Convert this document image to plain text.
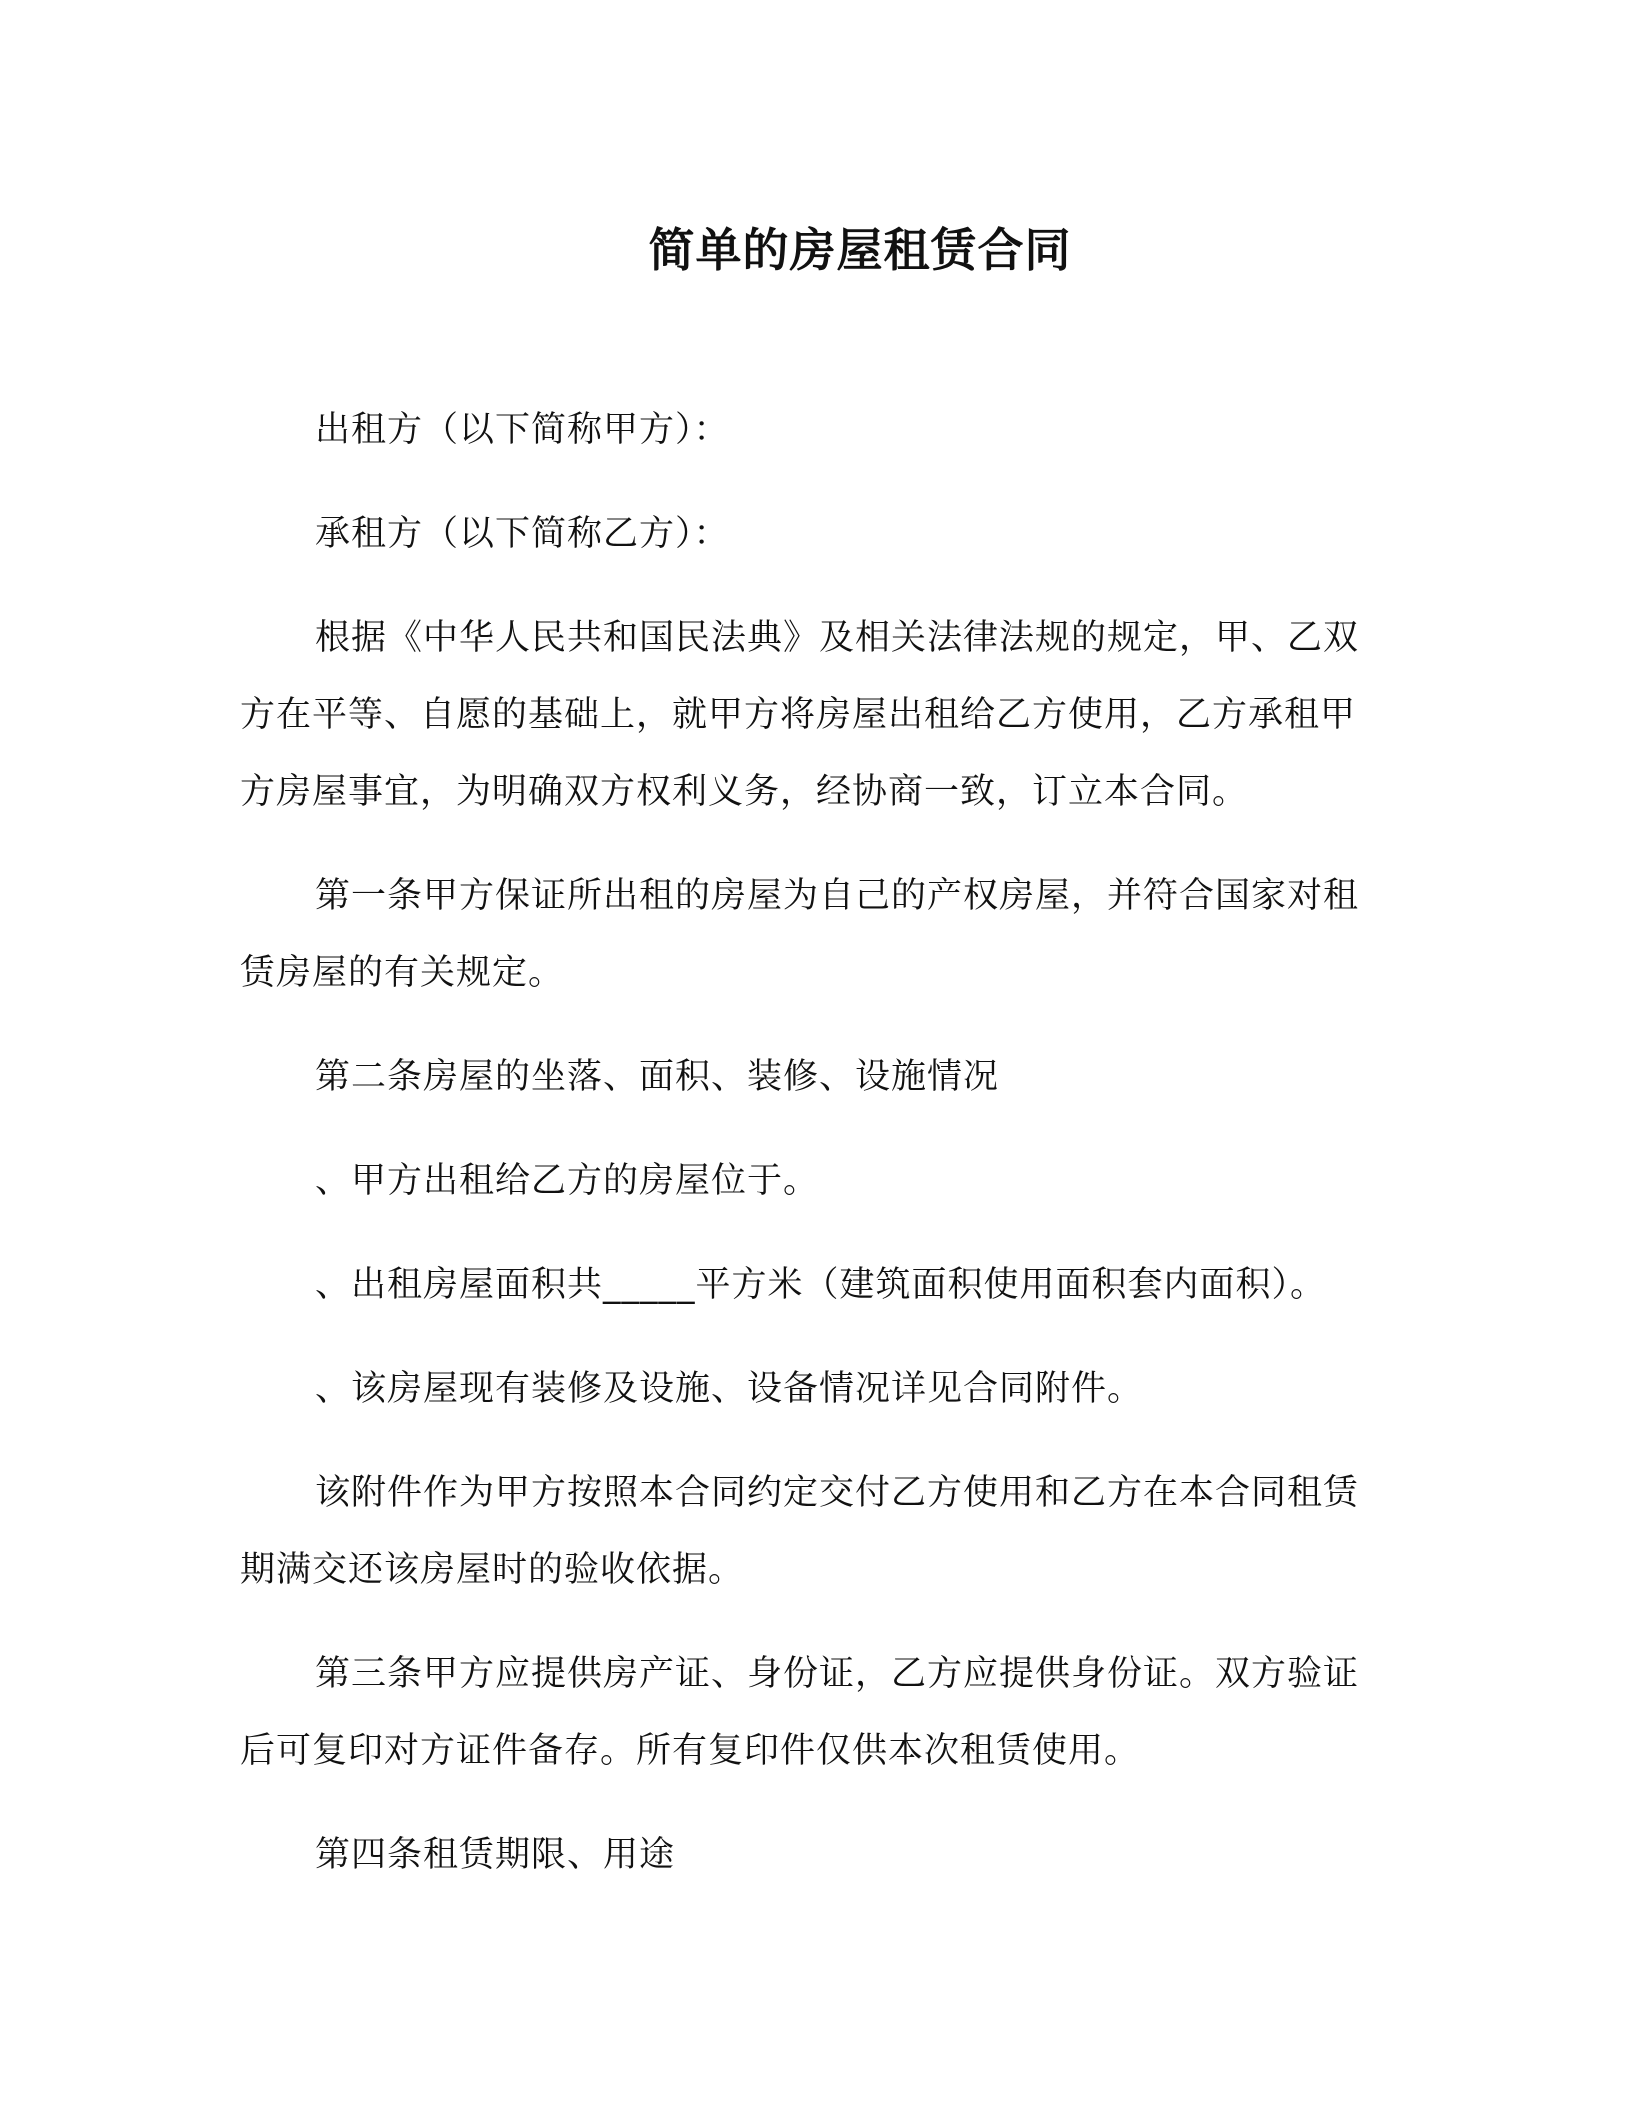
简单的房屋租赁合同

出租方（以下简称甲方）：

承租方（以下简称乙方）：

根据《中华人民共和国民法典》及相关法律法规的规定，甲、乙双方在平等、自愿的基础上，就甲方将房屋出租给乙方使用，乙方承租甲方房屋事宜，为明确双方权利义务，经协商一致，订立本合同。

第一条甲方保证所出租的房屋为自己的产权房屋，并符合国家对租赁房屋的有关规定。

第二条房屋的坐落、面积、装修、设施情况

、甲方出租给乙方的房屋位于。

、出租房屋面积共_____平方米（建筑面积使用面积套内面积）。

、该房屋现有装修及设施、设备情况详见合同附件。

该附件作为甲方按照本合同约定交付乙方使用和乙方在本合同租赁期满交还该房屋时的验收依据。

第三条甲方应提供房产证、身份证，乙方应提供身份证。双方验证后可复印对方证件备存。所有复印件仅供本次租赁使用。

第四条租赁期限、用途
